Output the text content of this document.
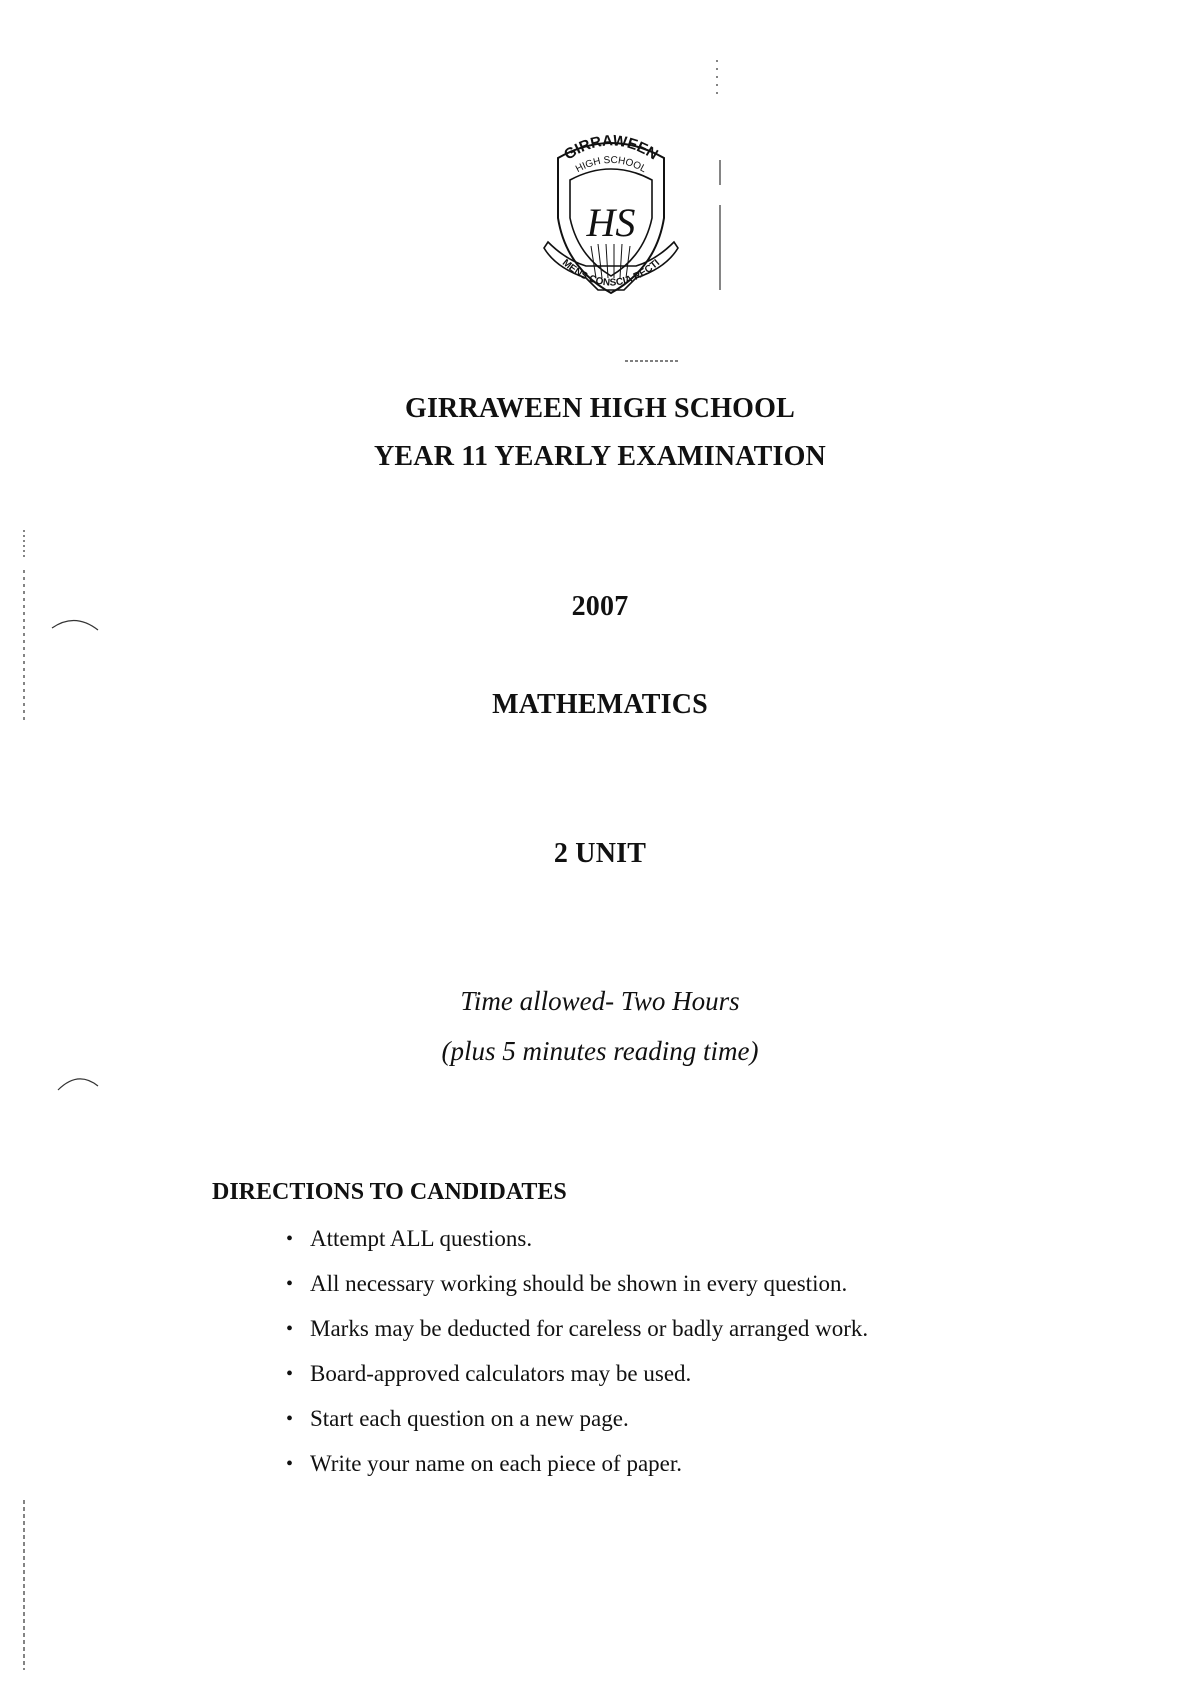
GIRRAWEEN
HIGH SCHOOL
HS
MENS CONSCIA RECTI
GIRRAWEEN HIGH SCHOOL
YEAR 11 YEARLY EXAMINATION
2007
MATHEMATICS
2 UNIT
Time allowed- Two Hours
(plus 5 minutes reading time)
DIRECTIONS TO CANDIDATES
• Attempt ALL questions.
• All necessary working should be shown in every question.
• Marks may be deducted for careless or badly arranged work.
• Board-approved calculators may be used.
• Start each question on a new page.
• Write your name on each piece of paper.
